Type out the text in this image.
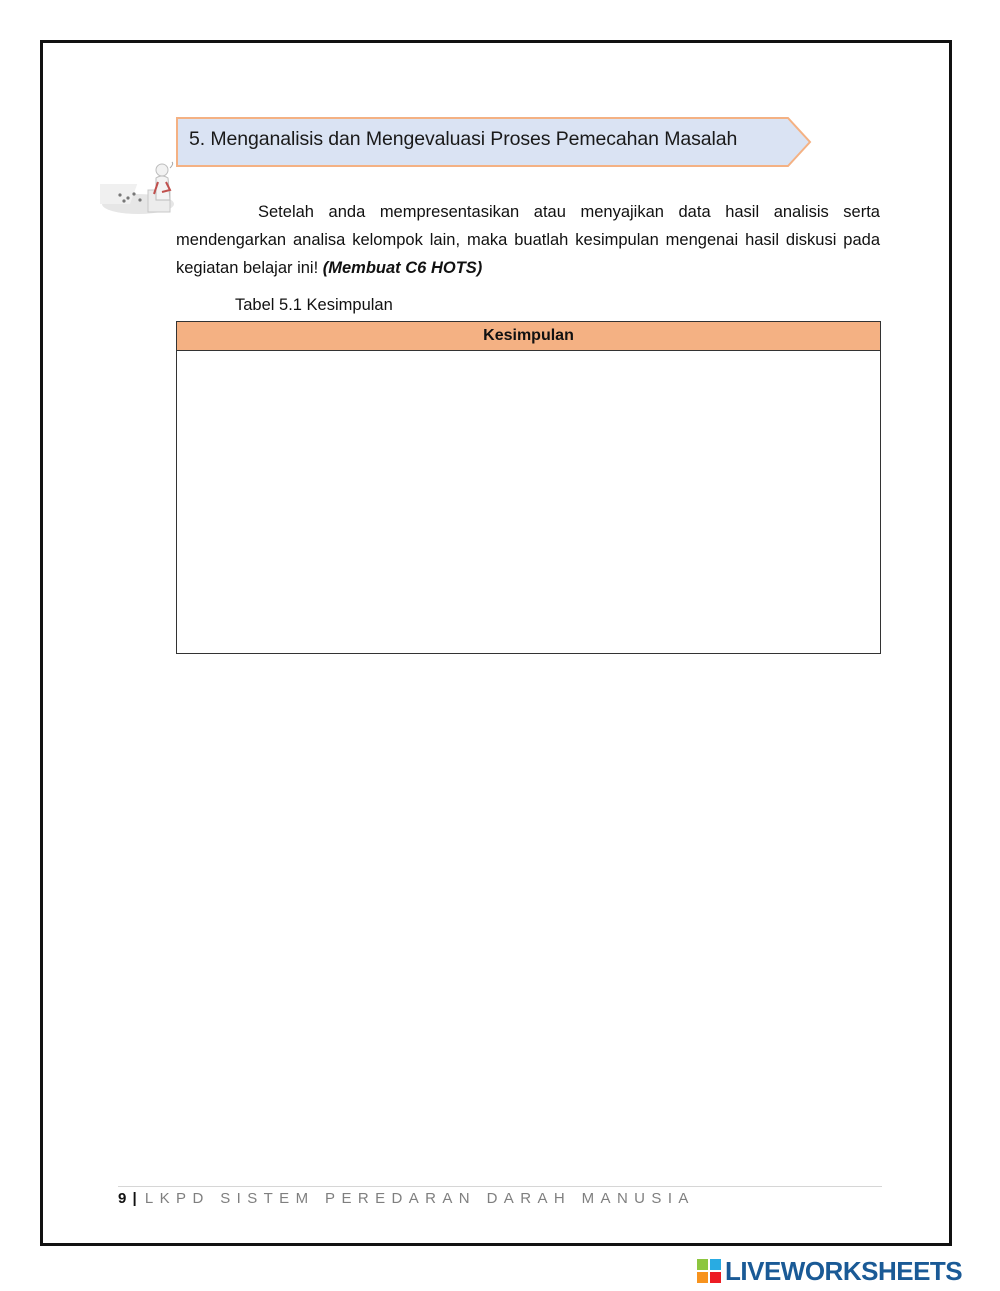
5. Menganalisis dan Mengevaluasi Proses Pemecahan Masalah
Setelah anda mempresentasikan atau menyajikan data hasil analisis serta mendengarkan analisa kelompok lain, maka buatlah kesimpulan mengenai hasil diskusi pada kegiatan belajar ini! (Membuat C6 HOTS)
Tabel 5.1 Kesimpulan
Kesimpulan
9 | LKPD SISTEM PEREDARAN DARAH MANUSIA
LIVEWORKSHEETS
